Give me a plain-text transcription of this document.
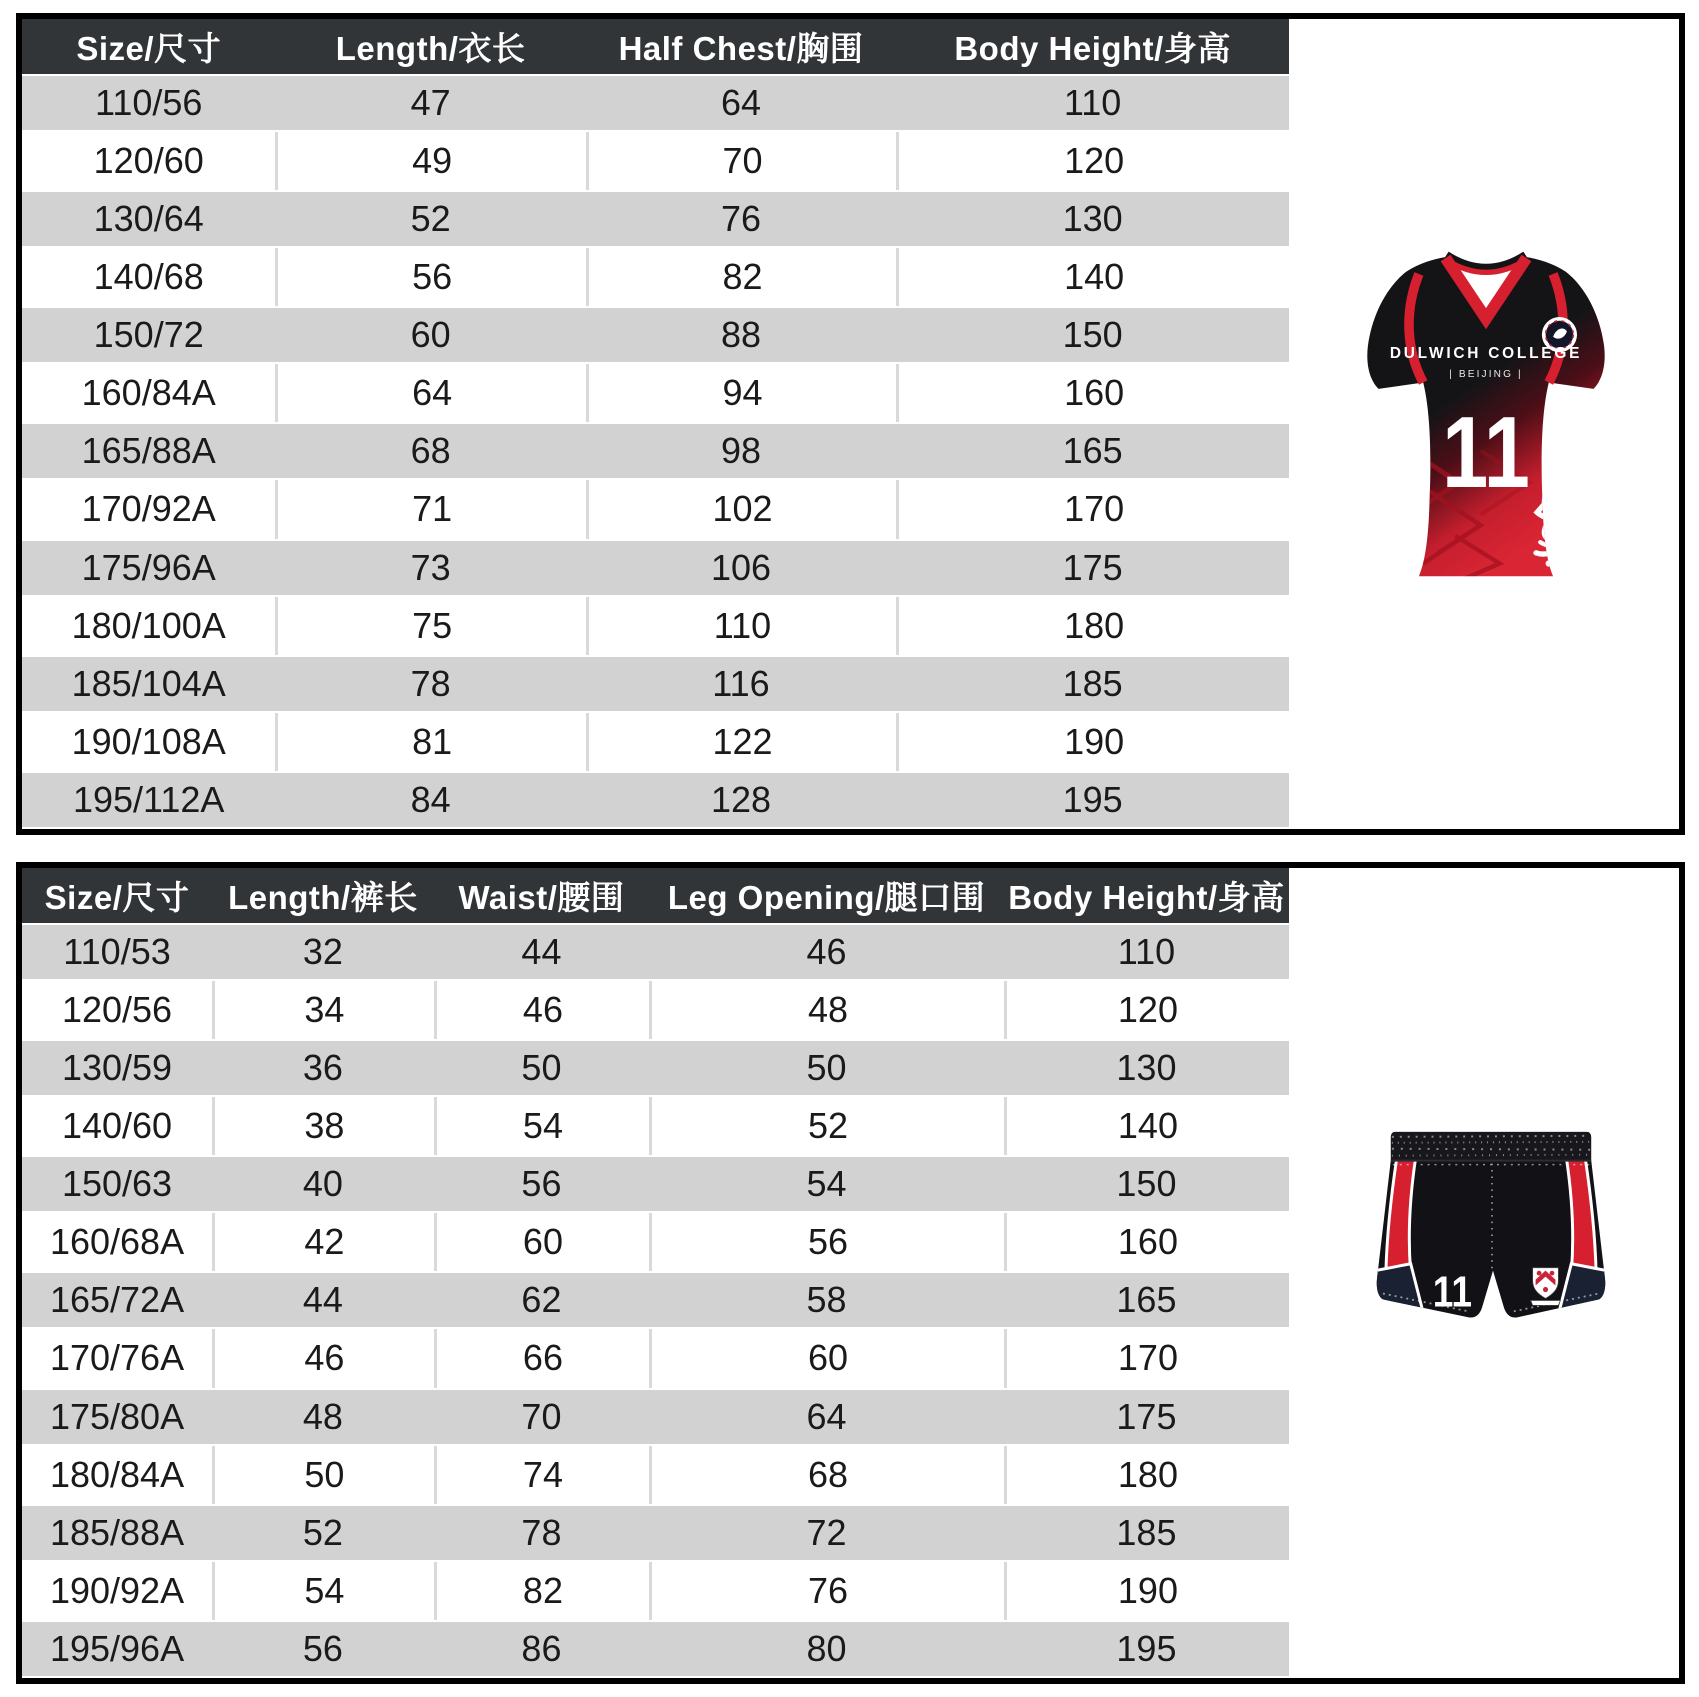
Size/尺寸	Length/衣长	Half Chest/胸围	Body Height/身高
110/56	47	64	110
120/60	49	70	120
130/64	52	76	130
140/68	56	82	140
150/72	60	88	150
160/84A	64	94	160
165/88A	68	98	165
170/92A	71	102	170
175/96A	73	106	175
180/100A	75	110	180
185/104A	78	116	185
190/108A	81	122	190
195/112A	84	128	195
DULWICH COLLEGE
| BEIJING |
11
Size/尺寸	Length/裤长	Waist/腰围	Leg Opening/腿口围	Body Height/身高
110/53	32	44	46	110
120/56	34	46	48	120
130/59	36	50	50	130
140/60	38	54	52	140
150/63	40	56	54	150
160/68A	42	60	56	160
165/72A	44	62	58	165
170/76A	46	66	60	170
175/80A	48	70	64	175
180/84A	50	74	68	180
185/88A	52	78	72	185
190/92A	54	82	76	190
195/96A	56	86	80	195
11
